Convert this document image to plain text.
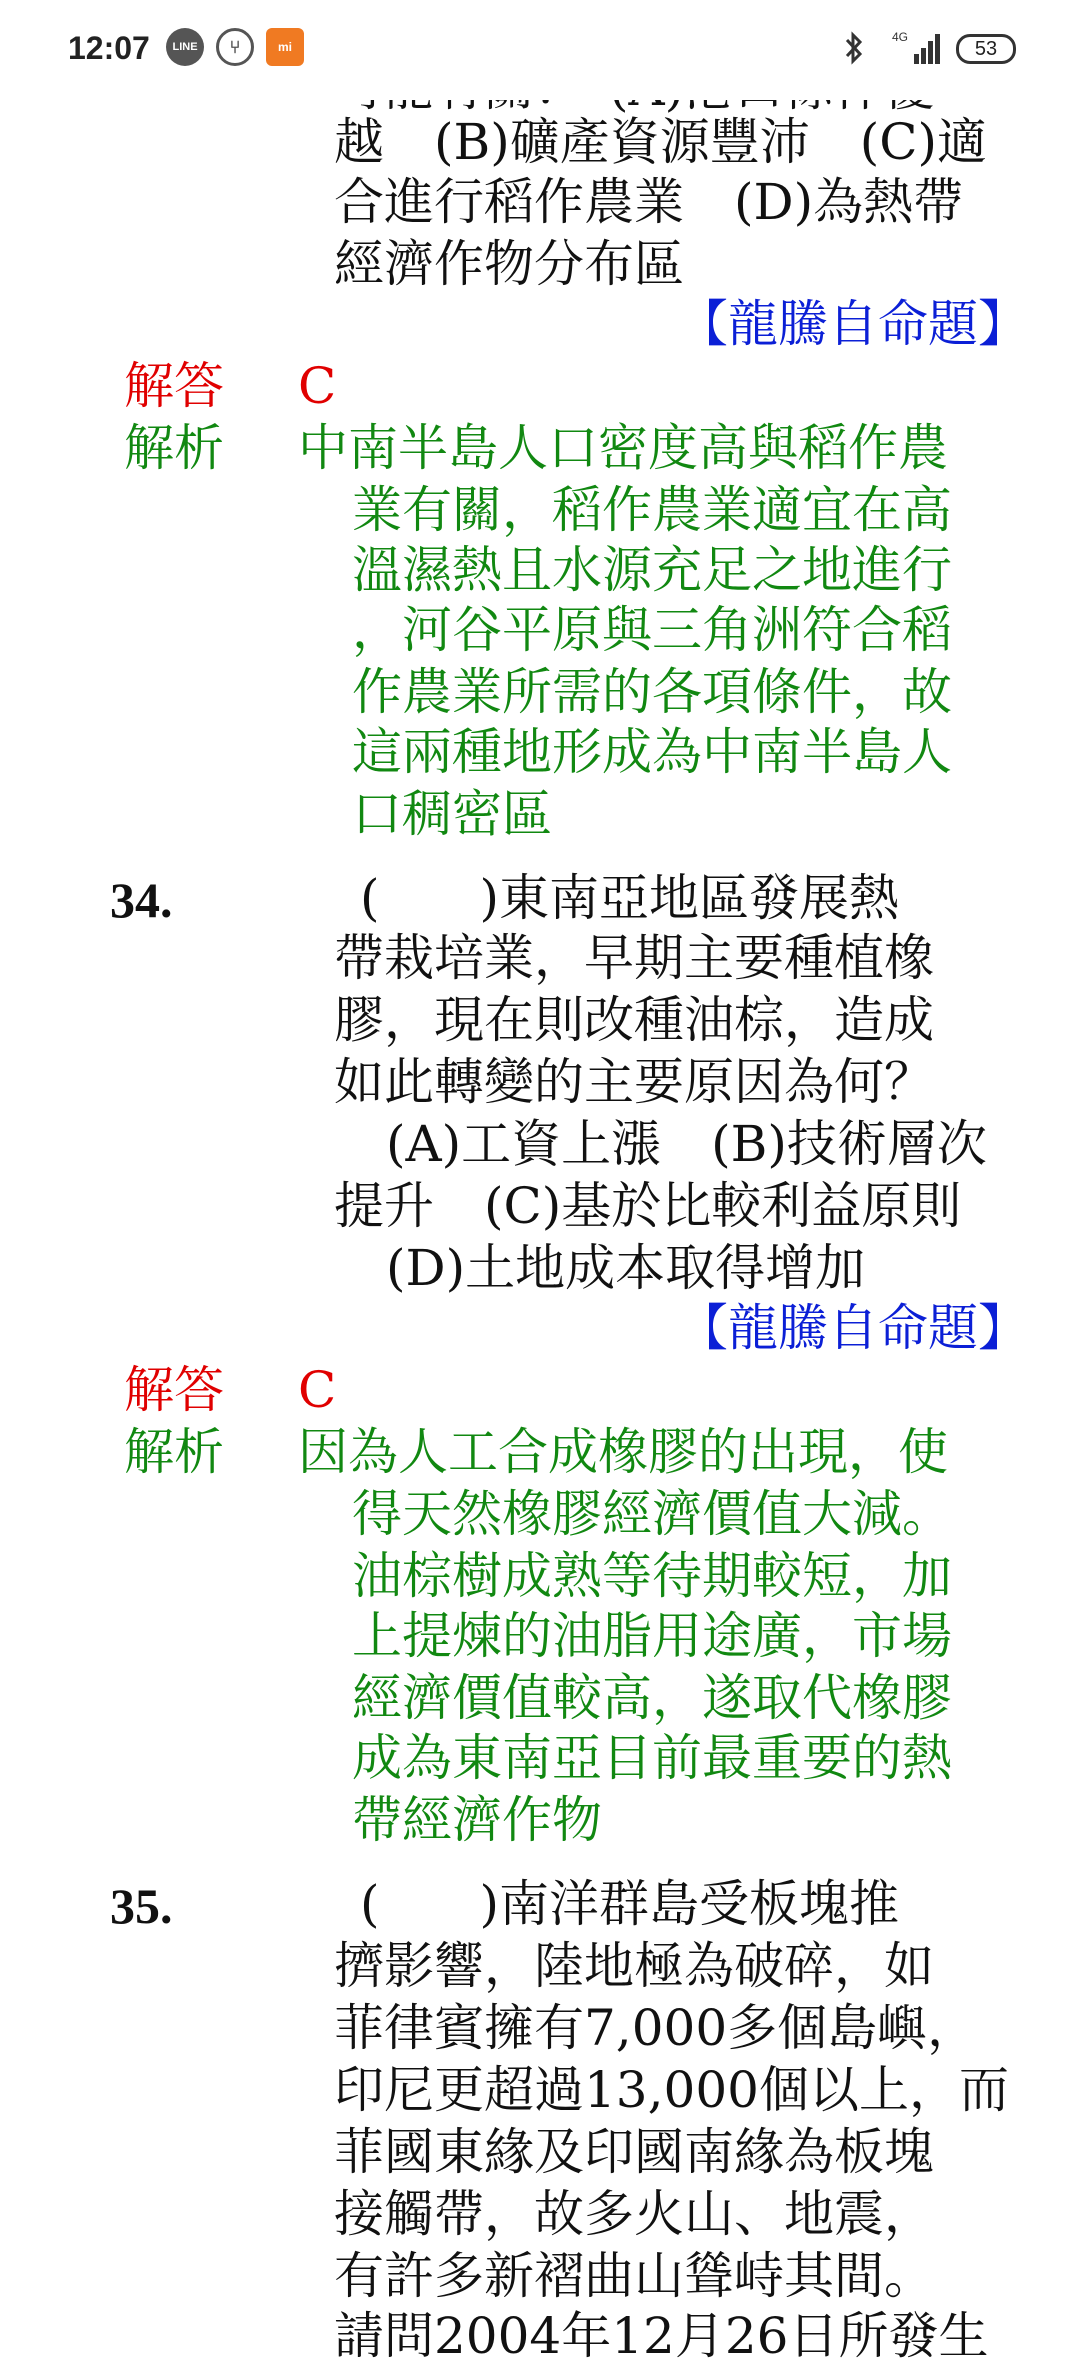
12:07	LINE	⑂	mi
4G
53
越　(B)礦產資源豐沛　(C)適
合進行稻作農業　(D)為熱帶
經濟作物分布區
【龍騰自命題】
解答 C
解析 中南半島人口密度高與稻作農
業有關，稻作農業適宜在高
溫濕熱且水源充足之地進行
，河谷平原與三角洲符合稻
作農業所需的各項條件，故
這兩種地形成為中南半島人
口稠密區
34.	(　　)東南亞地區發展熱
帶栽培業，早期主要種植橡
膠，現在則改種油棕，造成
如此轉變的主要原因為何？
(A)工資上漲　(B)技術層次
提升　(C)基於比較利益原則
(D)土地成本取得增加
【龍騰自命題】
解答 C
解析 因為人工合成橡膠的出現，使
得天然橡膠經濟價值大減。
油棕樹成熟等待期較短，加
上提煉的油脂用途廣，市場
經濟價值較高，遂取代橡膠
成為東南亞目前最重要的熱
帶經濟作物
35.	(　　)南洋群島受板塊推
擠影響，陸地極為破碎，如
菲律賓擁有7,000多個島嶼，
印尼更超過13,000個以上，而
菲國東緣及印國南緣為板塊
接觸帶，故多火山、地震，
有許多新褶曲山聳峙其間。
請問2004年12月26日所發生
